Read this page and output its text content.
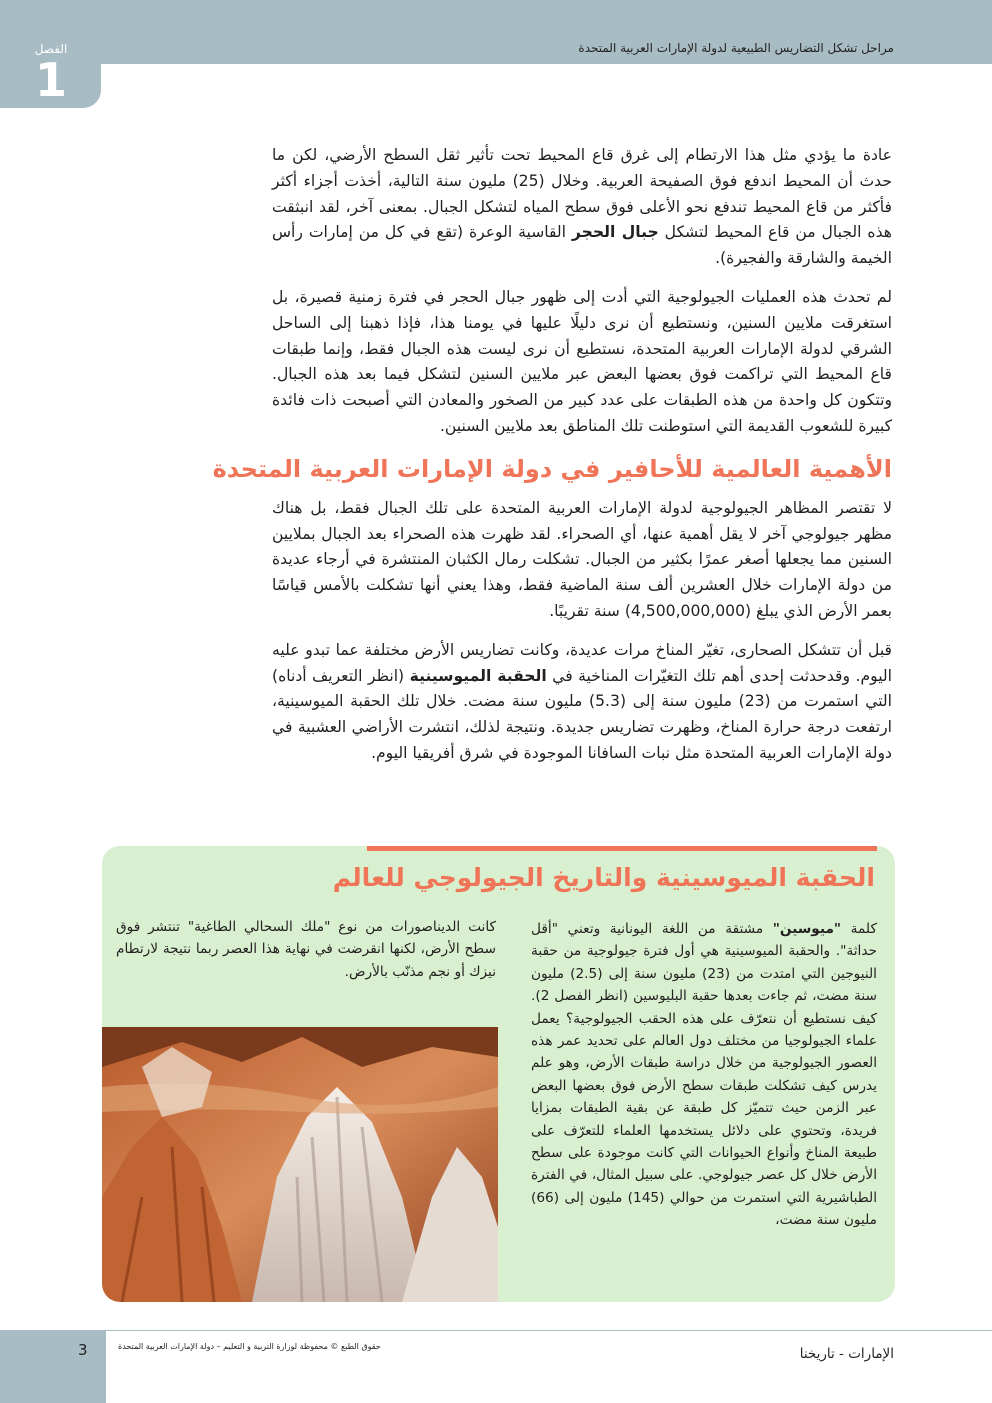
مراحل تشكل التضاريس الطبيعية لدولة الإمارات العربية المتحدة
الفصل
1

عادة ما يؤدي مثل هذا الارتطام إلى غرق قاع المحيط تحت تأثير ثقل السطح الأرضي، لكن ما حدث أن المحيط اندفع فوق الصفيحة العربية. وخلال (25) مليون سنة التالية، أخذت أجزاء أكثر فأكثر من قاع المحيط تندفع نحو الأعلى فوق سطح المياه لتشكل الجبال. بمعنى آخر، لقد انبثقت هذه الجبال من قاع المحيط لتشكل جبال الحجر القاسية الوعرة (تقع في كل من إمارات رأس الخيمة والشارقة والفجيرة).

لم تحدث هذه العمليات الجيولوجية التي أدت إلى ظهور جبال الحجر في فترة زمنية قصيرة، بل استغرقت ملايين السنين، ونستطيع أن نرى دليلًا عليها في يومنا هذا، فإذا ذهبنا إلى الساحل الشرقي لدولة الإمارات العربية المتحدة، نستطيع أن نرى ليست هذه الجبال فقط، وإنما طبقات قاع المحيط التي تراكمت فوق بعضها البعض عبر ملايين السنين لتشكل فيما بعد هذه الجبال. وتتكون كل واحدة من هذه الطبقات على عدد كبير من الصخور والمعادن التي أصبحت ذات فائدة كبيرة للشعوب القديمة التي استوطنت تلك المناطق بعد ملايين السنين.

الأهمية العالمية للأحافير في دولة الإمارات العربية المتحدة

لا تقتصر المظاهر الجيولوجية لدولة الإمارات العربية المتحدة على تلك الجبال فقط، بل هناك مظهر جيولوجي آخر لا يقل أهمية عنها، أي الصحراء. لقد ظهرت هذه الصحراء بعد الجبال بملايين السنين مما يجعلها أصغر عمرًا بكثير من الجبال. تشكلت رمال الكثبان المنتشرة في أرجاء عديدة من دولة الإمارات خلال العشرين ألف سنة الماضية فقط، وهذا يعني أنها تشكلت بالأمس قياسًا بعمر الأرض الذي يبلغ (4,500,000,000) سنة تقريبًا.

قبل أن تتشكل الصحارى، تغيّر المناخ مرات عديدة، وكانت تضاريس الأرض مختلفة عما تبدو عليه اليوم. وقدحدثت إحدى أهم تلك التغيّرات المناخية في الحقبة الميوسينية (انظر التعريف أدناه) التي استمرت من (23) مليون سنة إلى (5.3) مليون سنة مضت. خلال تلك الحقبة الميوسينية، ارتفعت درجة حرارة المناخ، وظهرت تضاريس جديدة. ونتيجة لذلك، انتشرت الأراضي العشبية في دولة الإمارات العربية المتحدة مثل نبات السافانا الموجودة في شرق أفريقيا اليوم.

الحقبة الميوسينية والتاريخ الجيولوجي للعالم
كلمة "ميوسين" مشتقة من اللغة اليونانية وتعني "أقل حداثة". والحقبة الميوسينية هي أول فترة جيولوجية من حقبة النيوجين التي امتدت من (23) مليون سنة إلى (2.5) مليون سنة مضت، ثم جاءت بعدها حقبة البليوسين (انظر الفصل 2). كيف نستطيع أن نتعرّف على هذه الحقب الجيولوجية؟ يعمل علماء الجيولوجيا من مختلف دول العالم على تحديد عمر هذه العصور الجيولوجية من خلال دراسة طبقات الأرض، وهو علم يدرس كيف تشكلت طبقات سطح الأرض فوق بعضها البعض عبر الزمن حيث تتميّز كل طبقة عن بقية الطبقات بمزايا فريدة، وتحتوي على دلائل يستخدمها العلماء للتعرّف على طبيعة المناخ وأنواع الحيوانات التي كانت موجودة على سطح الأرض خلال كل عصر جيولوجي. على سبيل المثال، في الفترة الطباشيرية التي استمرت من حوالي (145) مليون إلى (66) مليون سنة مضت،
كانت الديناصورات من نوع "ملك السحالي الطاغية" تنتشر فوق سطح الأرض، لكنها انقرضت في نهاية هذا العصر ربما نتيجة لارتطام نيزك أو نجم مذنّب بالأرض.
3	حقوق الطبع © محفوظة لوزارة التربية و التعليم – دولة الإمارات العربية المتحدة	الإمارات - تاريخنا
